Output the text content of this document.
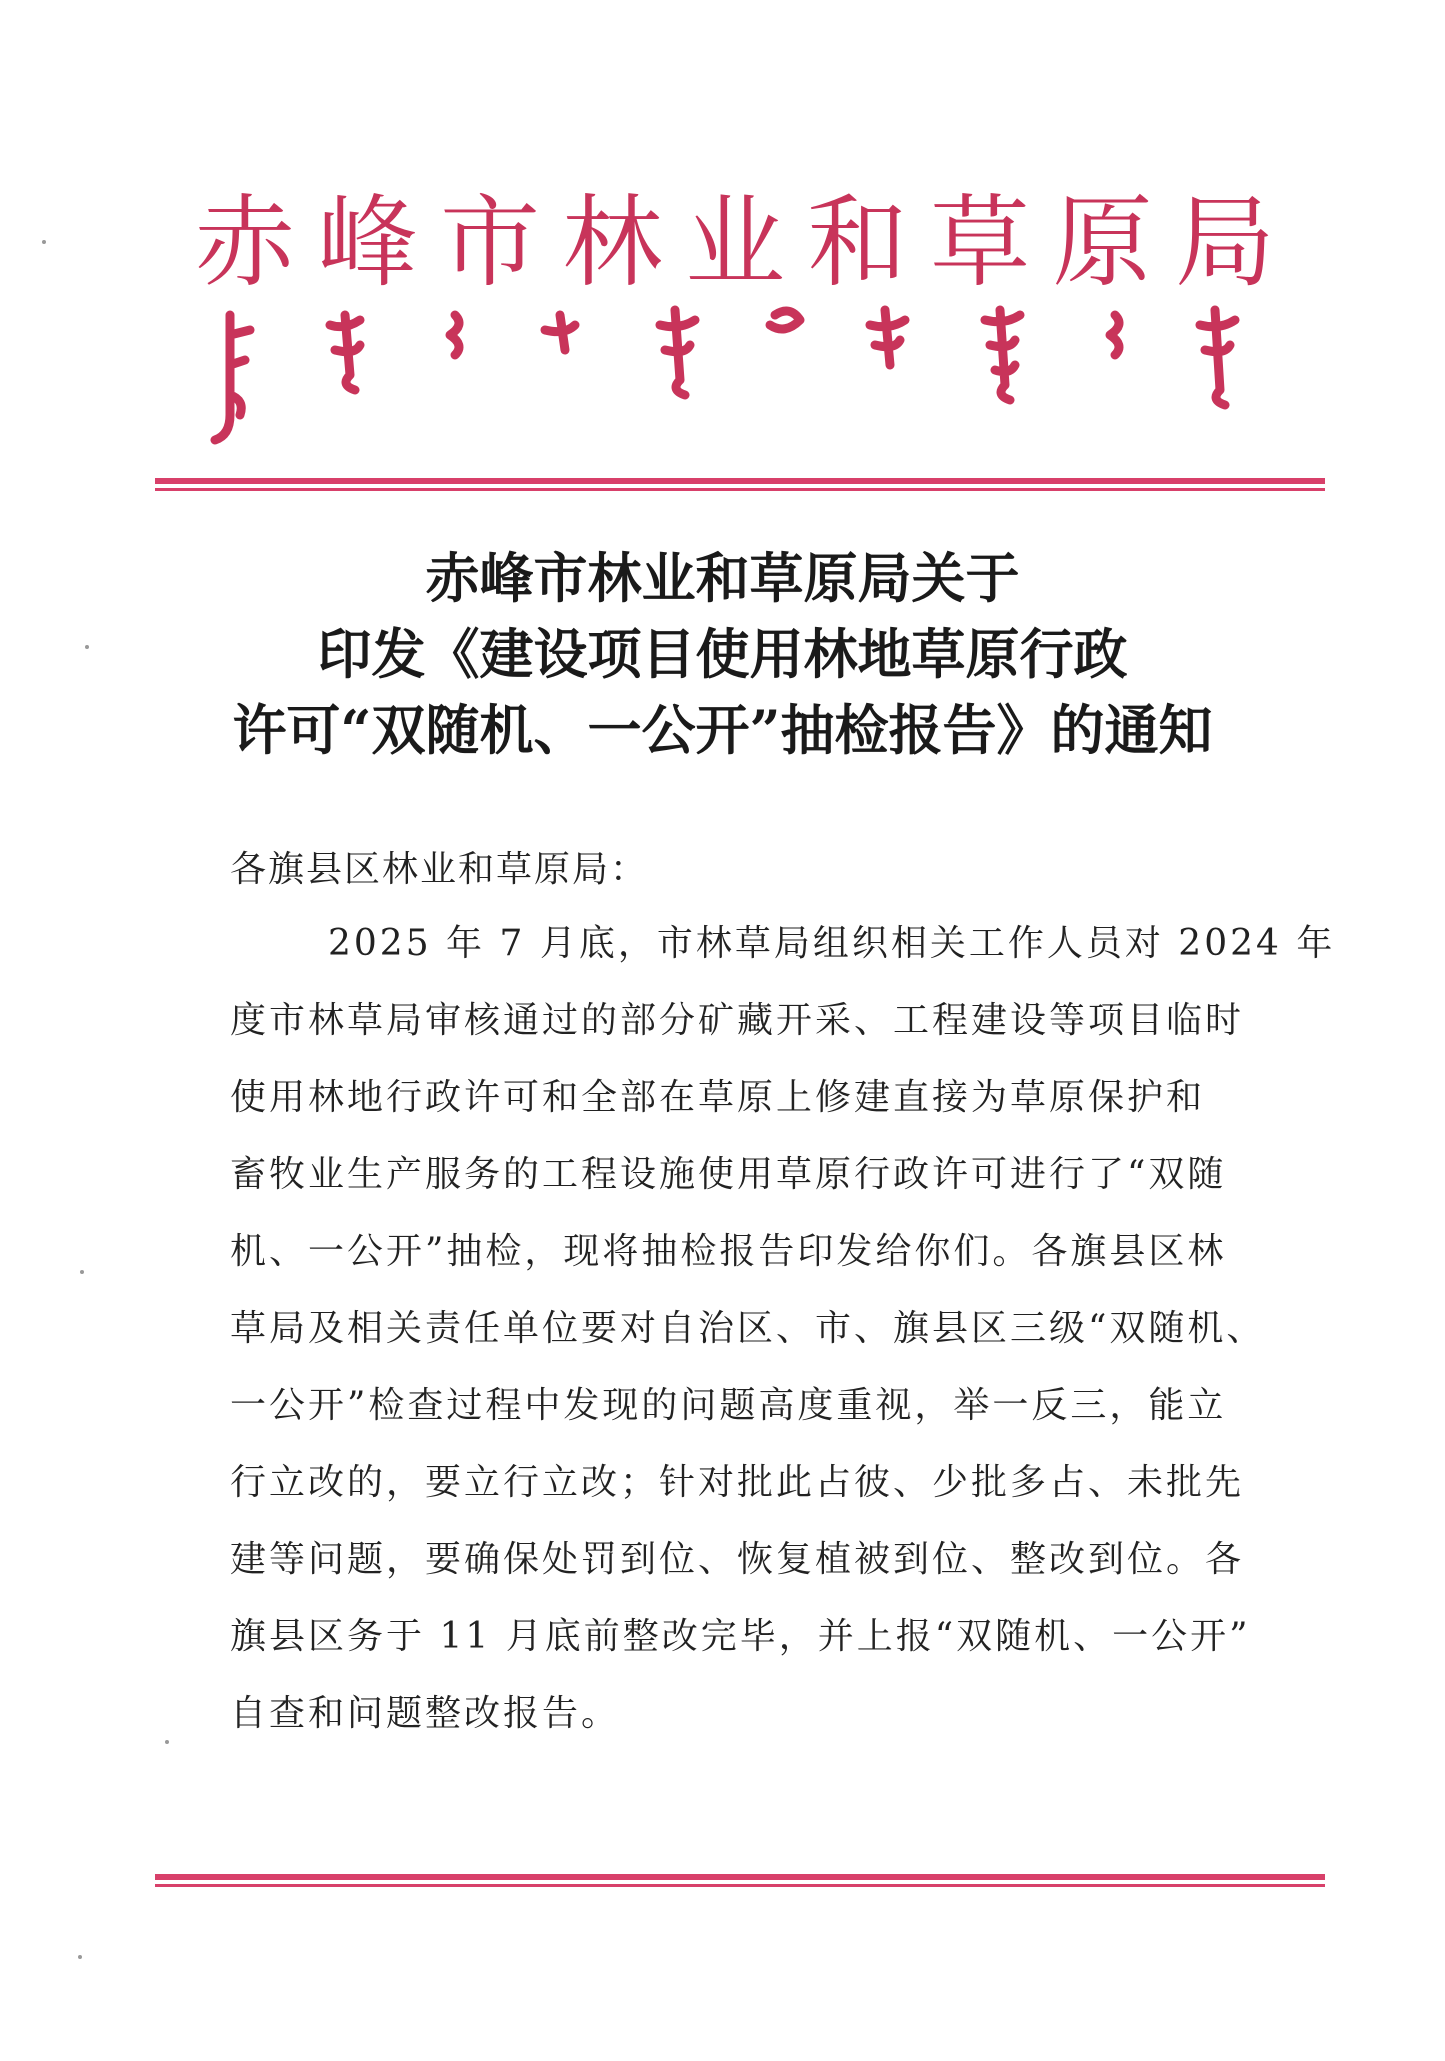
赤 峰 市 林 业 和 草 原 局
赤峰市林业和草原局关于
印发《建设项目使用林地草原行政
许可“双随机、一公开”抽检报告》的通知
各旗县区林业和草原局：
2025 年 7 月底，市林草局组织相关工作人员对 2024 年
度市林草局审核通过的部分矿藏开采、工程建设等项目临时
使用林地行政许可和全部在草原上修建直接为草原保护和
畜牧业生产服务的工程设施使用草原行政许可进行了“双随
机、一公开”抽检，现将抽检报告印发给你们。各旗县区林
草局及相关责任单位要对自治区、市、旗县区三级“双随机、
一公开”检查过程中发现的问题高度重视，举一反三，能立
行立改的，要立行立改；针对批此占彼、少批多占、未批先
建等问题，要确保处罚到位、恢复植被到位、整改到位。各
旗县区务于 11 月底前整改完毕，并上报“双随机、一公开”
自查和问题整改报告。
